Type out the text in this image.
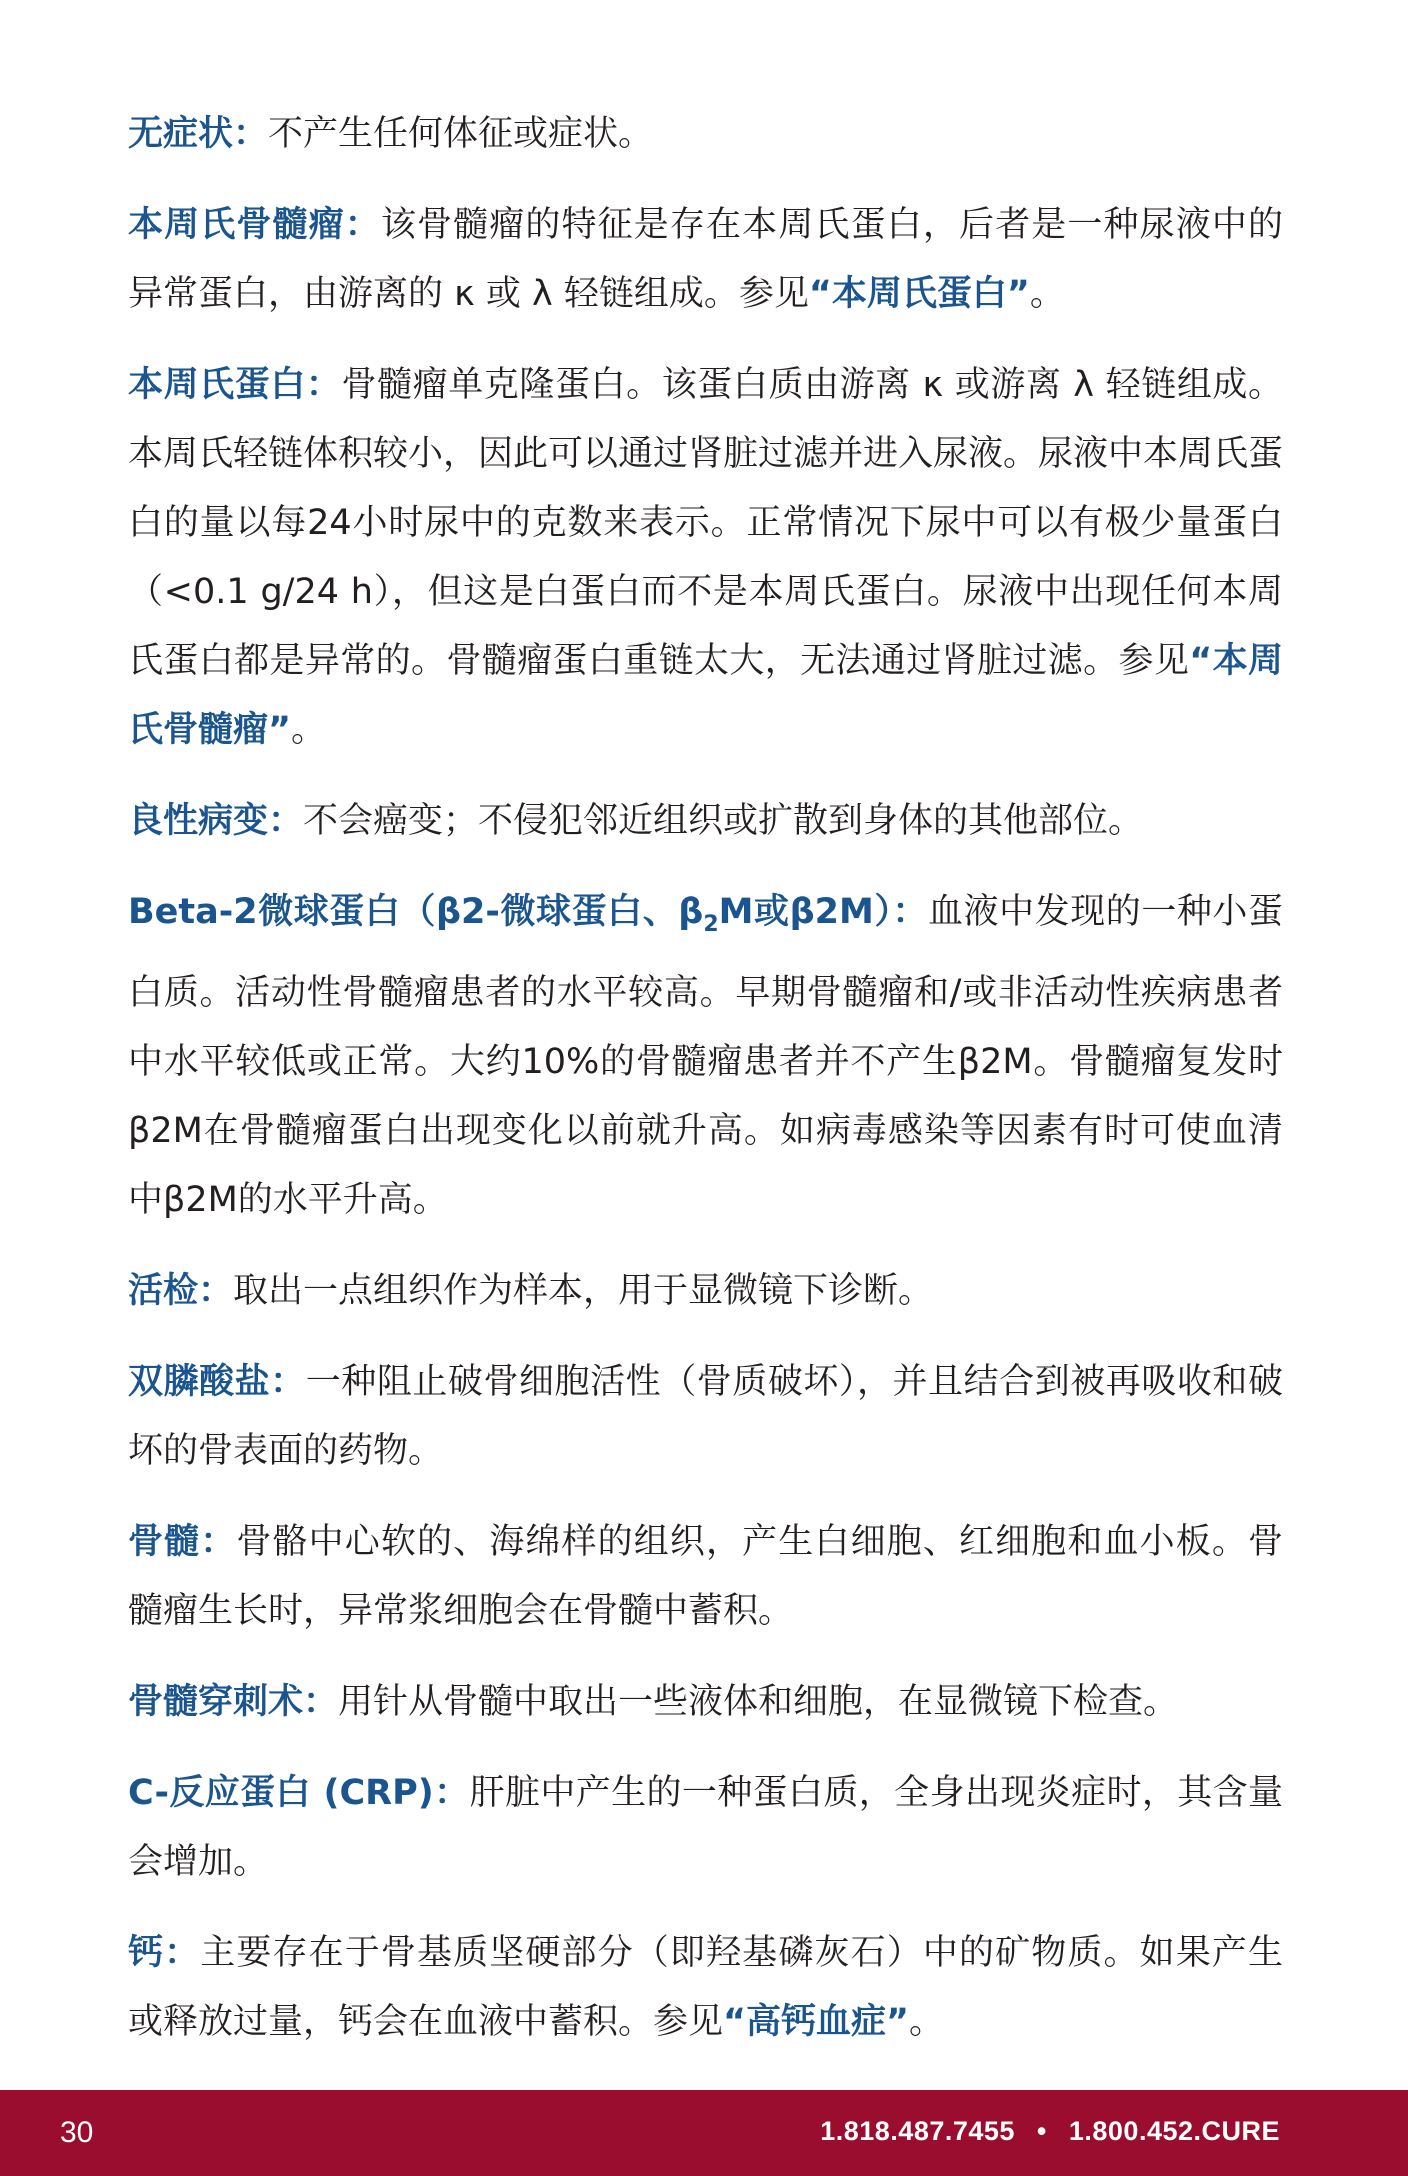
无症状：不产生任何体征或症状。

本周氏骨髓瘤：该骨髓瘤的特征是存在本周氏蛋白，后者是一种尿液中的异常蛋白，由游离的 κ 或 λ 轻链组成。参见“本周氏蛋白”。

本周氏蛋白：骨髓瘤单克隆蛋白。该蛋白质由游离 κ 或游离 λ 轻链组成。本周氏轻链体积较小，因此可以通过肾脏过滤并进入尿液。尿液中本周氏蛋白的量以每24小时尿中的克数来表示。正常情况下尿中可以有极少量蛋白（<0.1 g/24 h），但这是白蛋白而不是本周氏蛋白。尿液中出现任何本周氏蛋白都是异常的。骨髓瘤蛋白重链太大，无法通过肾脏过滤。参见“本周氏骨髓瘤”。

良性病变：不会癌变；不侵犯邻近组织或扩散到身体的其他部位。

Beta-2微球蛋白（β2-微球蛋白、$\beta_2M$或β2M）：血液中发现的一种小蛋白质。活动性骨髓瘤患者的水平较高。早期骨髓瘤和/或非活动性疾病患者中水平较低或正常。大约10%的骨髓瘤患者并不产生β2M。骨髓瘤复发时β2M在骨髓瘤蛋白出现变化以前就升高。如病毒感染等因素有时可使血清中β2M的水平升高。

活检：取出一点组织作为样本，用于显微镜下诊断。

双膦酸盐：一种阻止破骨细胞活性（骨质破坏），并且结合到被再吸收和破坏的骨表面的药物。

骨髓：骨骼中心软的、海绵样的组织，产生白细胞、红细胞和血小板。骨髓瘤生长时，异常浆细胞会在骨髓中蓄积。

骨髓穿刺术：用针从骨髓中取出一些液体和细胞，在显微镜下检查。

C-反应蛋白 (CRP)：肝脏中产生的一种蛋白质，全身出现炎症时，其含量会增加。

钙：主要存在于骨基质坚硬部分（即羟基磷灰石）中的矿物质。如果产生或释放过量，钙会在血液中蓄积。参见“高钙血症”。

30	1.818.487.7455 • 1.800.452.CURE
